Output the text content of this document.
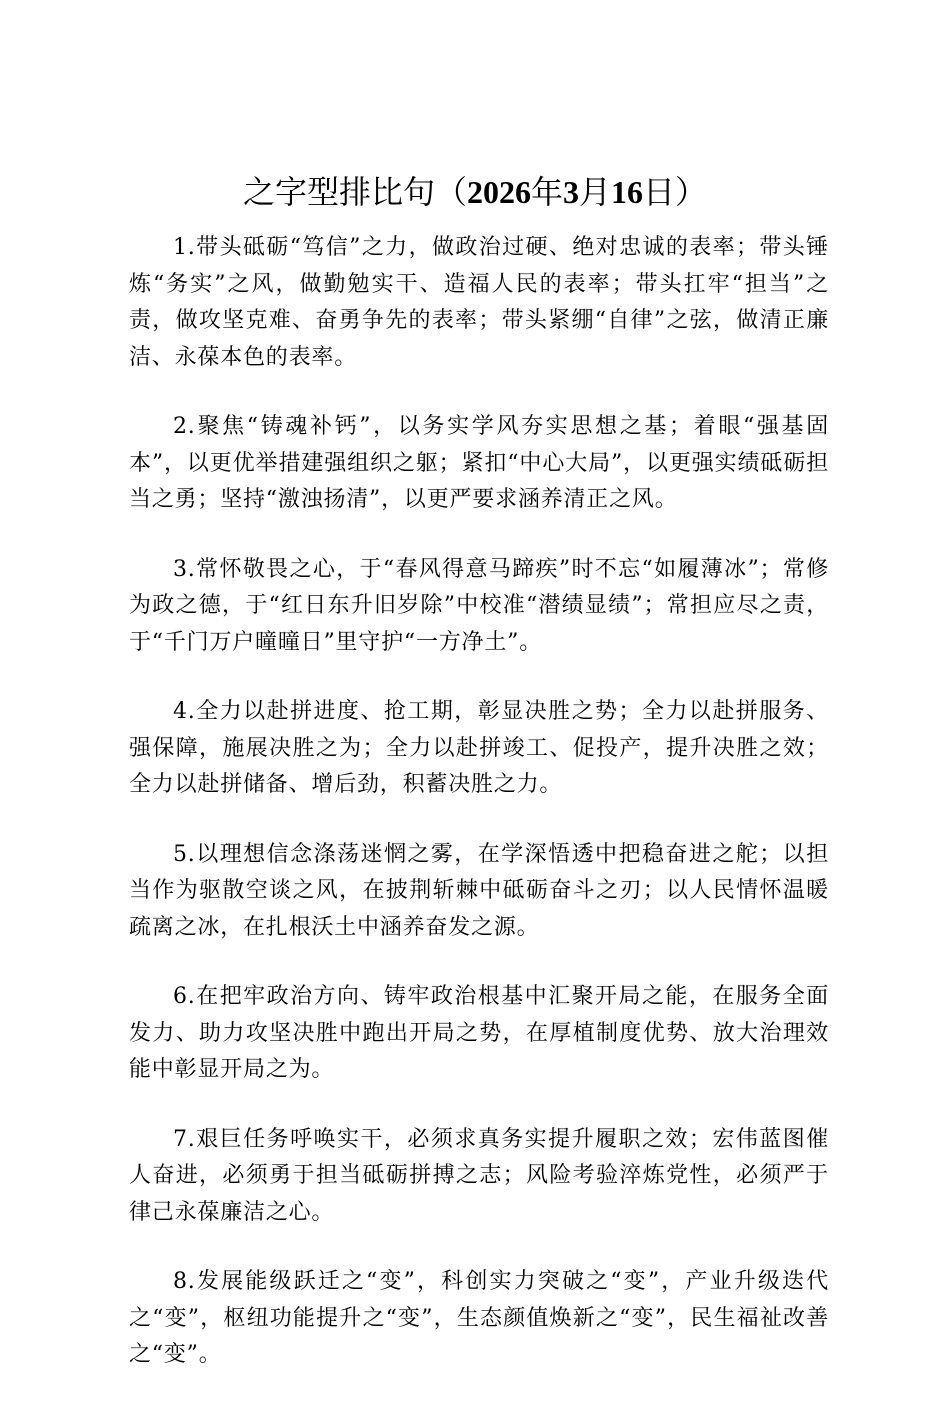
之字型排比句（2026年3月16日）

1.带头砥砺“笃信”之力，做政治过硬、绝对忠诚的表率；带头锤炼“务实”之风，做勤勉实干、造福人民的表率；带头扛牢“担当”之责，做攻坚克难、奋勇争先的表率；带头紧绷“自律”之弦，做清正廉洁、永葆本色的表率。

2.聚焦“铸魂补钙”，以务实学风夯实思想之基；着眼“强基固本”，以更优举措建强组织之躯；紧扣“中心大局”，以更强实绩砥砺担当之勇；坚持“激浊扬清”，以更严要求涵养清正之风。

3.常怀敬畏之心，于“春风得意马蹄疾”时不忘“如履薄冰”；常修为政之德，于“红日东升旧岁除”中校准“潜绩显绩”；常担应尽之责，于“千门万户曈曈日”里守护“一方净土”。

4.全力以赴拼进度、抢工期，彰显决胜之势；全力以赴拼服务、强保障，施展决胜之为；全力以赴拼竣工、促投产，提升决胜之效；全力以赴拼储备、增后劲，积蓄决胜之力。

5.以理想信念涤荡迷惘之雾，在学深悟透中把稳奋进之舵；以担当作为驱散空谈之风，在披荆斩棘中砥砺奋斗之刃；以人民情怀温暖疏离之冰，在扎根沃土中涵养奋发之源。

6.在把牢政治方向、铸牢政治根基中汇聚开局之能，在服务全面发力、助力攻坚决胜中跑出开局之势，在厚植制度优势、放大治理效能中彰显开局之为。

7.艰巨任务呼唤实干，必须求真务实提升履职之效；宏伟蓝图催人奋进，必须勇于担当砥砺拼搏之志；风险考验淬炼党性，必须严于律己永葆廉洁之心。

8.发展能级跃迁之“变”，科创实力突破之“变”，产业升级迭代之“变”，枢纽功能提升之“变”，生态颜值焕新之“变”，民生福祉改善之“变”。
